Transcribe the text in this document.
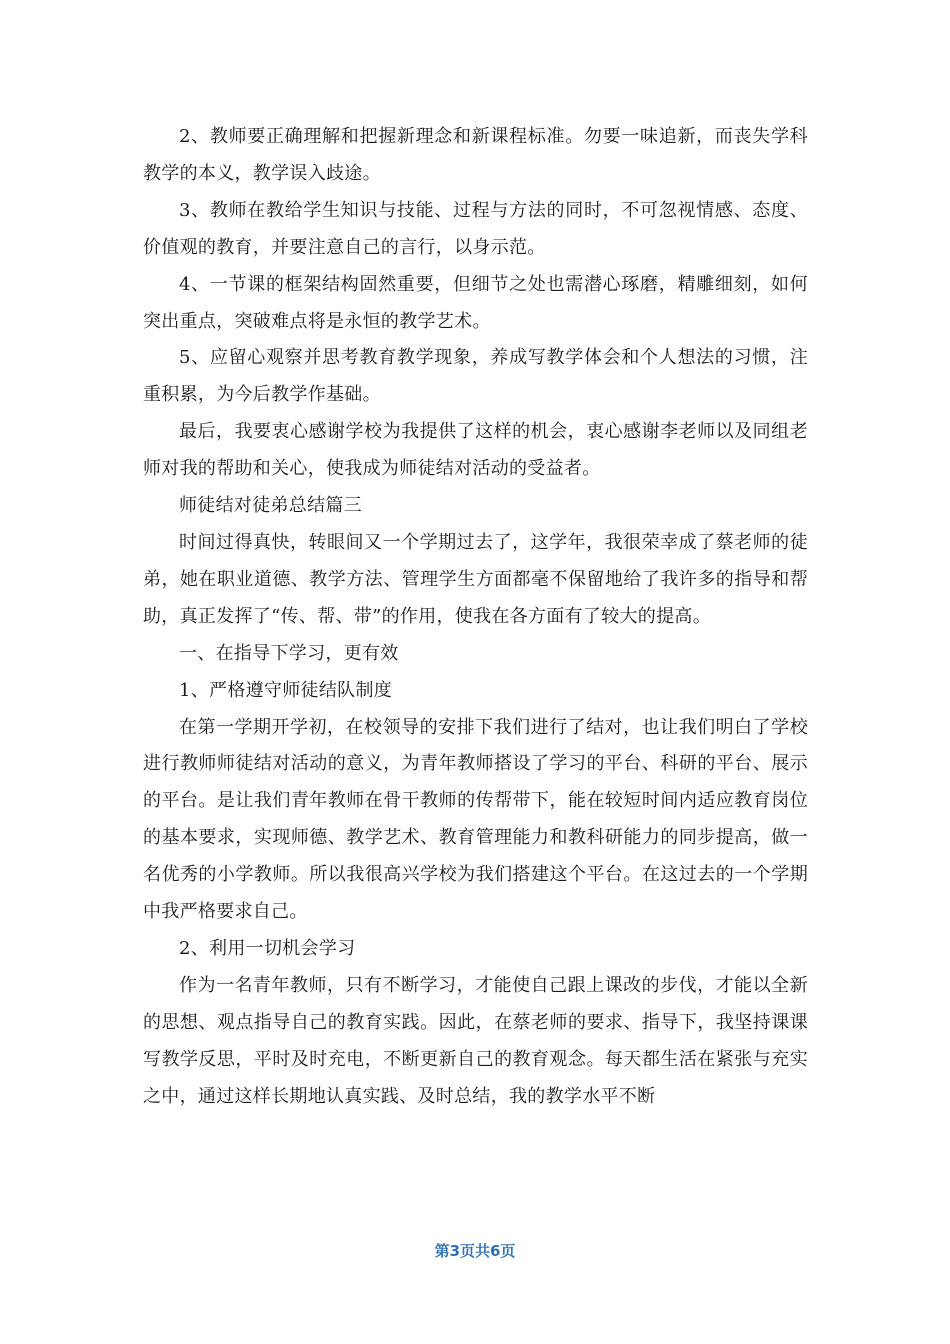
2、教师要正确理解和把握新理念和新课程标准。勿要一味追新，而丧失学科教学的本义，教学误入歧途。

3、教师在教给学生知识与技能、过程与方法的同时，不可忽视情感、态度、价值观的教育，并要注意自己的言行，以身示范。

4、一节课的框架结构固然重要，但细节之处也需潜心琢磨，精雕细刻，如何突出重点，突破难点将是永恒的教学艺术。

5、应留心观察并思考教育教学现象，养成写教学体会和个人想法的习惯，注重积累，为今后教学作基础。

最后，我要衷心感谢学校为我提供了这样的机会，衷心感谢李老师以及同组老师对我的帮助和关心，使我成为师徒结对活动的受益者。

师徒结对徒弟总结篇三

时间过得真快，转眼间又一个学期过去了，这学年，我很荣幸成了蔡老师的徒弟，她在职业道德、教学方法、管理学生方面都毫不保留地给了我许多的指导和帮助，真正发挥了“传、帮、带”的作用，使我在各方面有了较大的提高。

一、在指导下学习，更有效

1、严格遵守师徒结队制度

在第一学期开学初，在校领导的安排下我们进行了结对，也让我们明白了学校进行教师师徒结对活动的意义，为青年教师搭设了学习的平台、科研的平台、展示的平台。是让我们青年教师在骨干教师的传帮带下，能在较短时间内适应教育岗位的基本要求，实现师德、教学艺术、教育管理能力和教科研能力的同步提高，做一名优秀的小学教师。所以我很高兴学校为我们搭建这个平台。在这过去的一个学期中我严格要求自己。

2、利用一切机会学习

作为一名青年教师，只有不断学习，才能使自己跟上课改的步伐，才能以全新的思想、观点指导自己的教育实践。因此，在蔡老师的要求、指导下，我坚持课课写教学反思，平时及时充电，不断更新自己的教育观念。每天都生活在紧张与充实之中，通过这样长期地认真实践、及时总结，我的教学水平不断

第3页共6页
